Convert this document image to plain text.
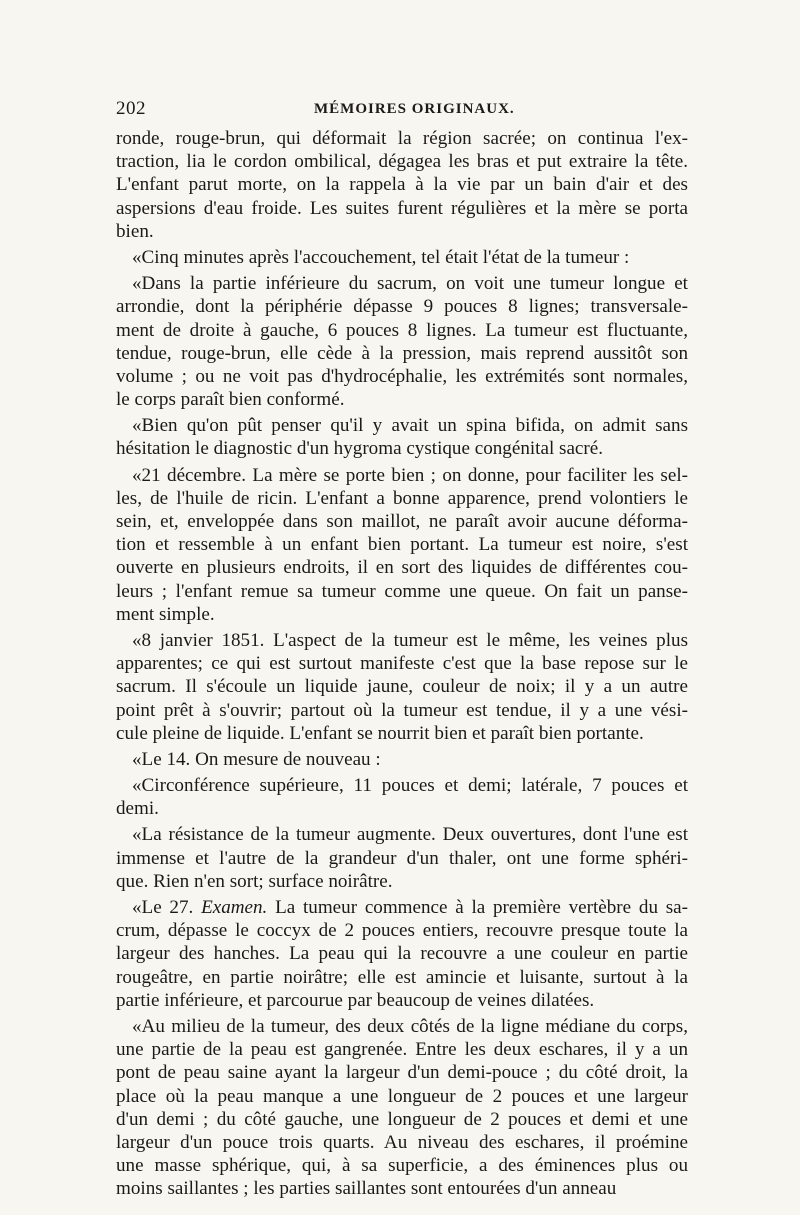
202	MÉMOIRES ORIGINAUX.
ronde, rouge-brun, qui déformait la région sacrée; on continua l'ex-
traction, lia le cordon ombilical, dégagea les bras et put extraire la tête.
L'enfant parut morte, on la rappela à la vie par un bain d'air et des
aspersions d'eau froide. Les suites furent régulières et la mère se porta
bien.
«Cinq minutes après l'accouchement, tel était l'état de la tumeur :
«Dans la partie inférieure du sacrum, on voit une tumeur longue et
arrondie, dont la périphérie dépasse 9 pouces 8 lignes; transversale-
ment de droite à gauche, 6 pouces 8 lignes. La tumeur est fluctuante,
tendue, rouge-brun, elle cède à la pression, mais reprend aussitôt son
volume ; ou ne voit pas d'hydrocéphalie, les extrémités sont normales,
le corps paraît bien conformé.
«Bien qu'on pût penser qu'il y avait un spina bifida, on admit sans
hésitation le diagnostic d'un hygroma cystique congénital sacré.
«21 décembre. La mère se porte bien ; on donne, pour faciliter les sel-
les, de l'huile de ricin. L'enfant a bonne apparence, prend volontiers le
sein, et, enveloppée dans son maillot, ne paraît avoir aucune déforma-
tion et ressemble à un enfant bien portant. La tumeur est noire, s'est
ouverte en plusieurs endroits, il en sort des liquides de différentes cou-
leurs ; l'enfant remue sa tumeur comme une queue. On fait un panse-
ment simple.
«8 janvier 1851. L'aspect de la tumeur est le même, les veines plus
apparentes; ce qui est surtout manifeste c'est que la base repose sur le
sacrum. Il s'écoule un liquide jaune, couleur de noix; il y a un autre
point prêt à s'ouvrir; partout où la tumeur est tendue, il y a une vési-
cule pleine de liquide. L'enfant se nourrit bien et paraît bien portante.
«Le 14. On mesure de nouveau :
«Circonférence supérieure, 11 pouces et demi; latérale, 7 pouces et
demi.
«La résistance de la tumeur augmente. Deux ouvertures, dont l'une est
immense et l'autre de la grandeur d'un thaler, ont une forme sphéri-
que. Rien n'en sort; surface noirâtre.
«Le 27. Examen. La tumeur commence à la première vertèbre du sa-
crum, dépasse le coccyx de 2 pouces entiers, recouvre presque toute la
largeur des hanches. La peau qui la recouvre a une couleur en partie
rougeâtre, en partie noirâtre; elle est amincie et luisante, surtout à la
partie inférieure, et parcourue par beaucoup de veines dilatées.
«Au milieu de la tumeur, des deux côtés de la ligne médiane du corps,
une partie de la peau est gangrenée. Entre les deux eschares, il y a un
pont de peau saine ayant la largeur d'un demi-pouce ; du côté droit, la
place où la peau manque a une longueur de 2 pouces et une largeur
d'un demi ; du côté gauche, une longueur de 2 pouces et demi et une
largeur d'un pouce trois quarts. Au niveau des eschares, il proémine
une masse sphérique, qui, à sa superficie, a des éminences plus ou
moins saillantes ; les parties saillantes sont entourées d'un anneau
